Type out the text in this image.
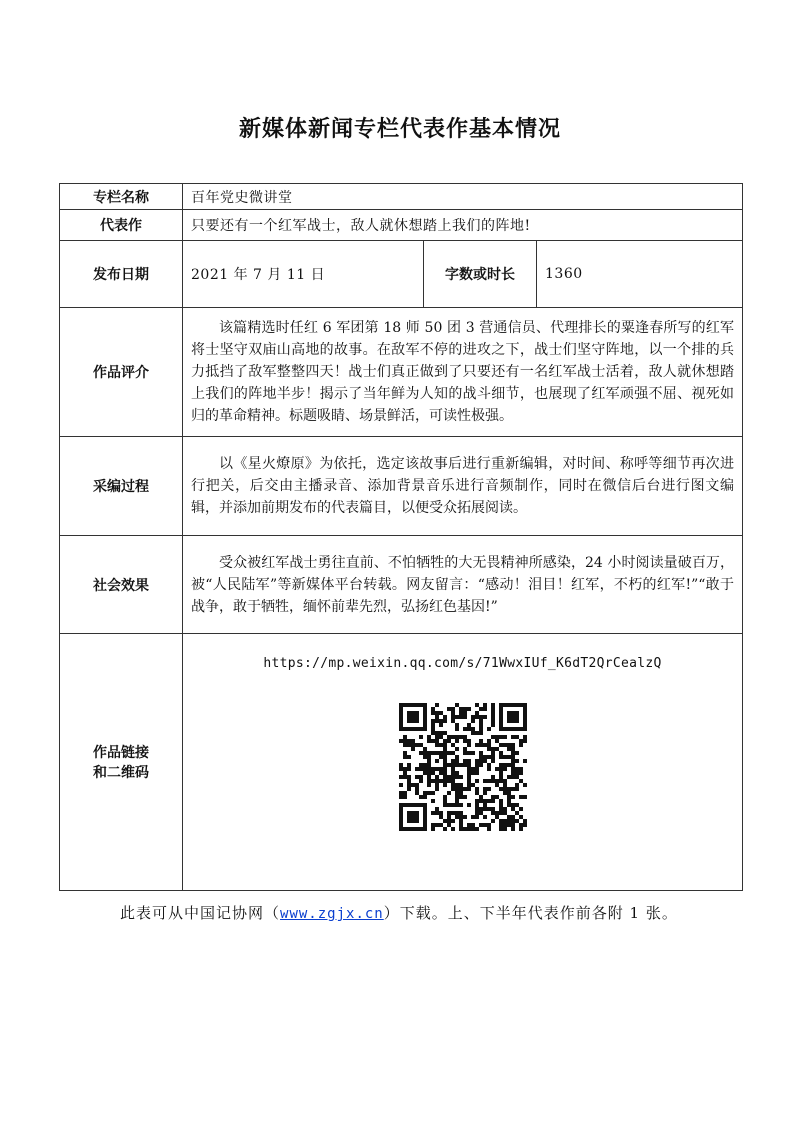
新媒体新闻专栏代表作基本情况
专栏名称	百年党史微讲堂		
代表作	只要还有一个红军战士，敌人就休想踏上我们的阵地!		
发布日期	2021 年 7 月 11 日	字数或时长	1360
作品评介	该篇精选时任红 6 军团第 18 师 50 团 3 营通信员、代理排长的粟逢春所写的红军将士坚守双庙山高地的故事。在敌军不停的进攻之下，战士们坚守阵地，以一个排的兵力抵挡了敌军整整四天！战士们真正做到了只要还有一名红军战士活着，敌人就休想踏上我们的阵地半步！揭示了当年鲜为人知的战斗细节，也展现了红军顽强不屈、视死如归的革命精神。标题吸睛、场景鲜活，可读性极强。		

采编过程	以《星火燎原》为依托，选定该故事后进行重新编辑，对时间、称呼等细节再次进行把关，后交由主播录音、添加背景音乐进行音频制作，同时在微信后台进行图文编辑，并添加前期发布的代表篇目，以便受众拓展阅读。		

社会效果	受众被红军战士勇往直前、不怕牺牲的大无畏精神所感染，24 小时阅读量破百万，被“人民陆军”等新媒体平台转载。网友留言：“感动！泪目！红军，不朽的红军!”“敢于战争，敢于牺牲，缅怀前辈先烈，弘扬红色基因!”		

作品链接
和二维码	https://mp.weixin.qq.com/s/71WwxIUf_K6dT2QrCealzQ		
此表可从中国记协网（www.zgjx.cn）下载。上、下半年代表作前各附 1 张。
